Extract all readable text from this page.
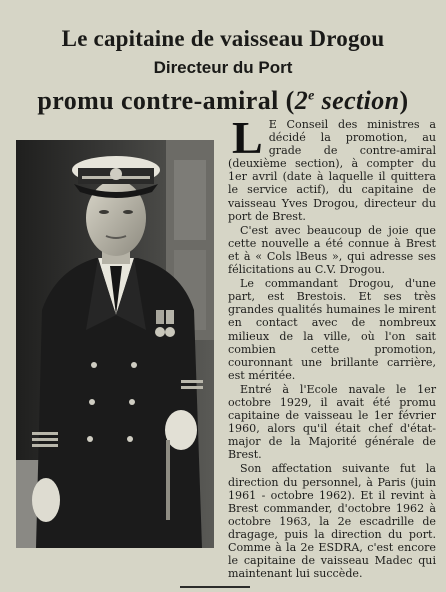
Le capitaine de vaisseau Drogou
Directeur du Port
promu contre-amiral (2e section)

L E Conseil des ministres a décidé la promotion, au grade de contre-amiral (deuxième section), à compter du 1er avril (date à laquelle il quittera le service actif), du capitaine de vaisseau Yves Drogou, directeur du port de Brest.

C'est avec beaucoup de joie que cette nouvelle a été connue à Brest et à « Cols lBeus », qui adresse ses félicitations au C.V. Drogou.

Le commandant Drogou, d'une part, est Brestois. Et ses très grandes qualités humaines le mirent en contact avec de nombreux milieux de la ville, où l'on sait combien cette promotion, couronnant une brillante carrière, est méritée.

Entré à l'Ecole navale le 1er octobre 1929, il avait été promu capitaine de vaisseau le 1er février 1960, alors qu'il était chef d'état-major de la Majorité générale de Brest.

Son affectation suivante fut la direction du personnel, à Paris (juin 1961 - octobre 1962). Et il revint à Brest commander, d'octobre 1962 à octobre 1963, la 2e escadrille de dragage, puis la direction du port. Comme à la 2e ESDRA, c'est encore le capitaine de vaisseau Madec qui maintenant lui succède.
